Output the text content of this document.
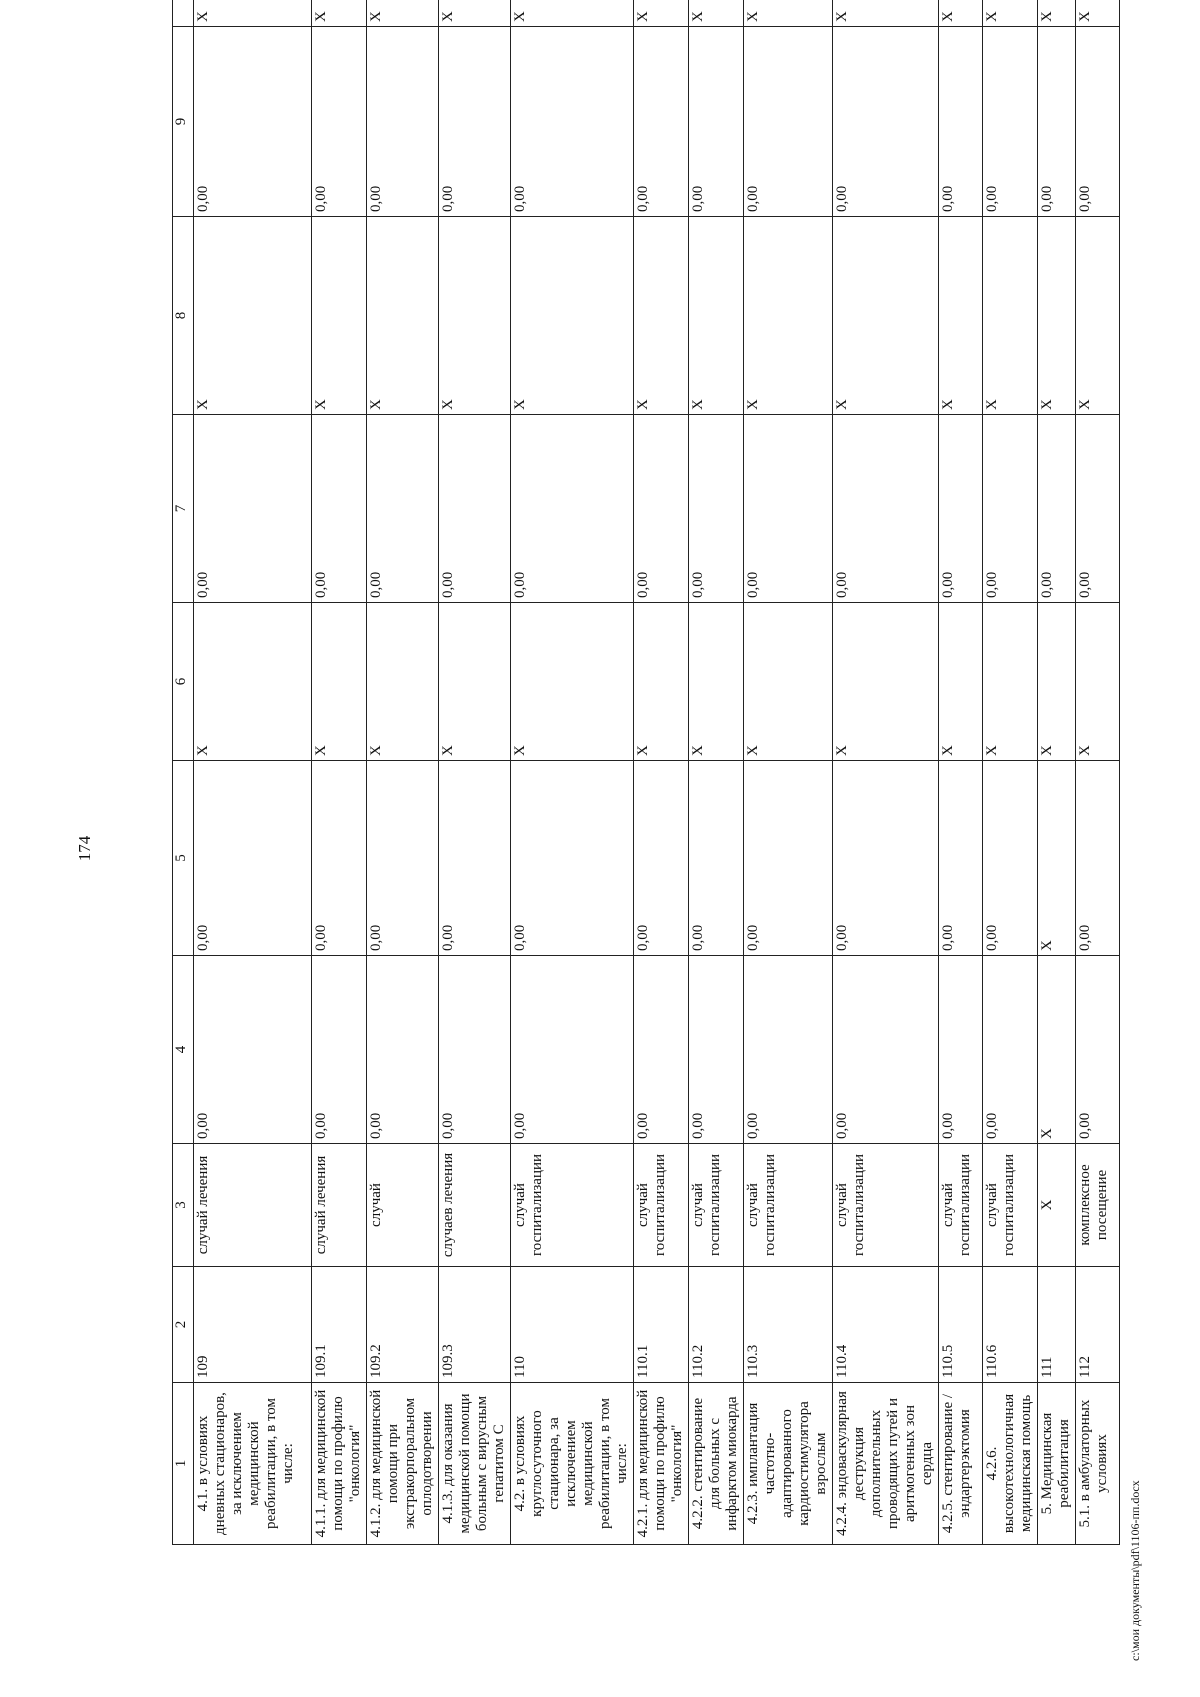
174
1	2	3	4	5	6	7	8	9	
4.1. в условиях дневных стационаров, за исключением медицинской реабилитации, в том числе:	109	случай лечения	0,00	0,00	Х	0,00	Х	0,00	Х
4.1.1. для медицинской помощи по профилю "онкология"	109.1	случай лечения	0,00	0,00	Х	0,00	Х	0,00	Х
4.1.2. для медицинской помощи при экстракорпоральном оплодотворении	109.2	случай	0,00	0,00	Х	0,00	Х	0,00	Х
4.1.3. для оказания медицинской помощи больным с вирусным гепатитом С	109.3	случаев лечения	0,00	0,00	Х	0,00	Х	0,00	Х
4.2. в условиях круглосуточного стационара, за исключением медицинской реабилитации, в том числе:	110	случай госпитализации	0,00	0,00	Х	0,00	Х	0,00	Х
4.2.1. для медицинской помощи по профилю "онкология"	110.1	случай госпитализации	0,00	0,00	Х	0,00	Х	0,00	Х
4.2.2. стентирование для больных с инфарктом миокарда	110.2	случай госпитализации	0,00	0,00	Х	0,00	Х	0,00	Х
4.2.3. имплантация частотно-адаптированного кардиостимулятора взрослым	110.3	случай госпитализации	0,00	0,00	Х	0,00	Х	0,00	Х
4.2.4. эндоваскулярная деструкция дополнительных проводящих путей и аритмогенных зон сердца	110.4	случай госпитализации	0,00	0,00	Х	0,00	Х	0,00	Х
4.2.5. стентирование / эндартерэктомия	110.5	случай госпитализации	0,00	0,00	Х	0,00	Х	0,00	Х
4.2.6. высокотехнологичная медицинская помощь	110.6	случай госпитализации	0,00	0,00	Х	0,00	Х	0,00	Х
5. Медицинская реабилитация	111	Х	Х	Х	Х	0,00	Х	0,00	Х
5.1. в амбулаторных условиях	112	комплексное посещение	0,00	0,00	Х	0,00	Х	0,00	Х
c:\мои документы\pdf\1106-пп.docx
